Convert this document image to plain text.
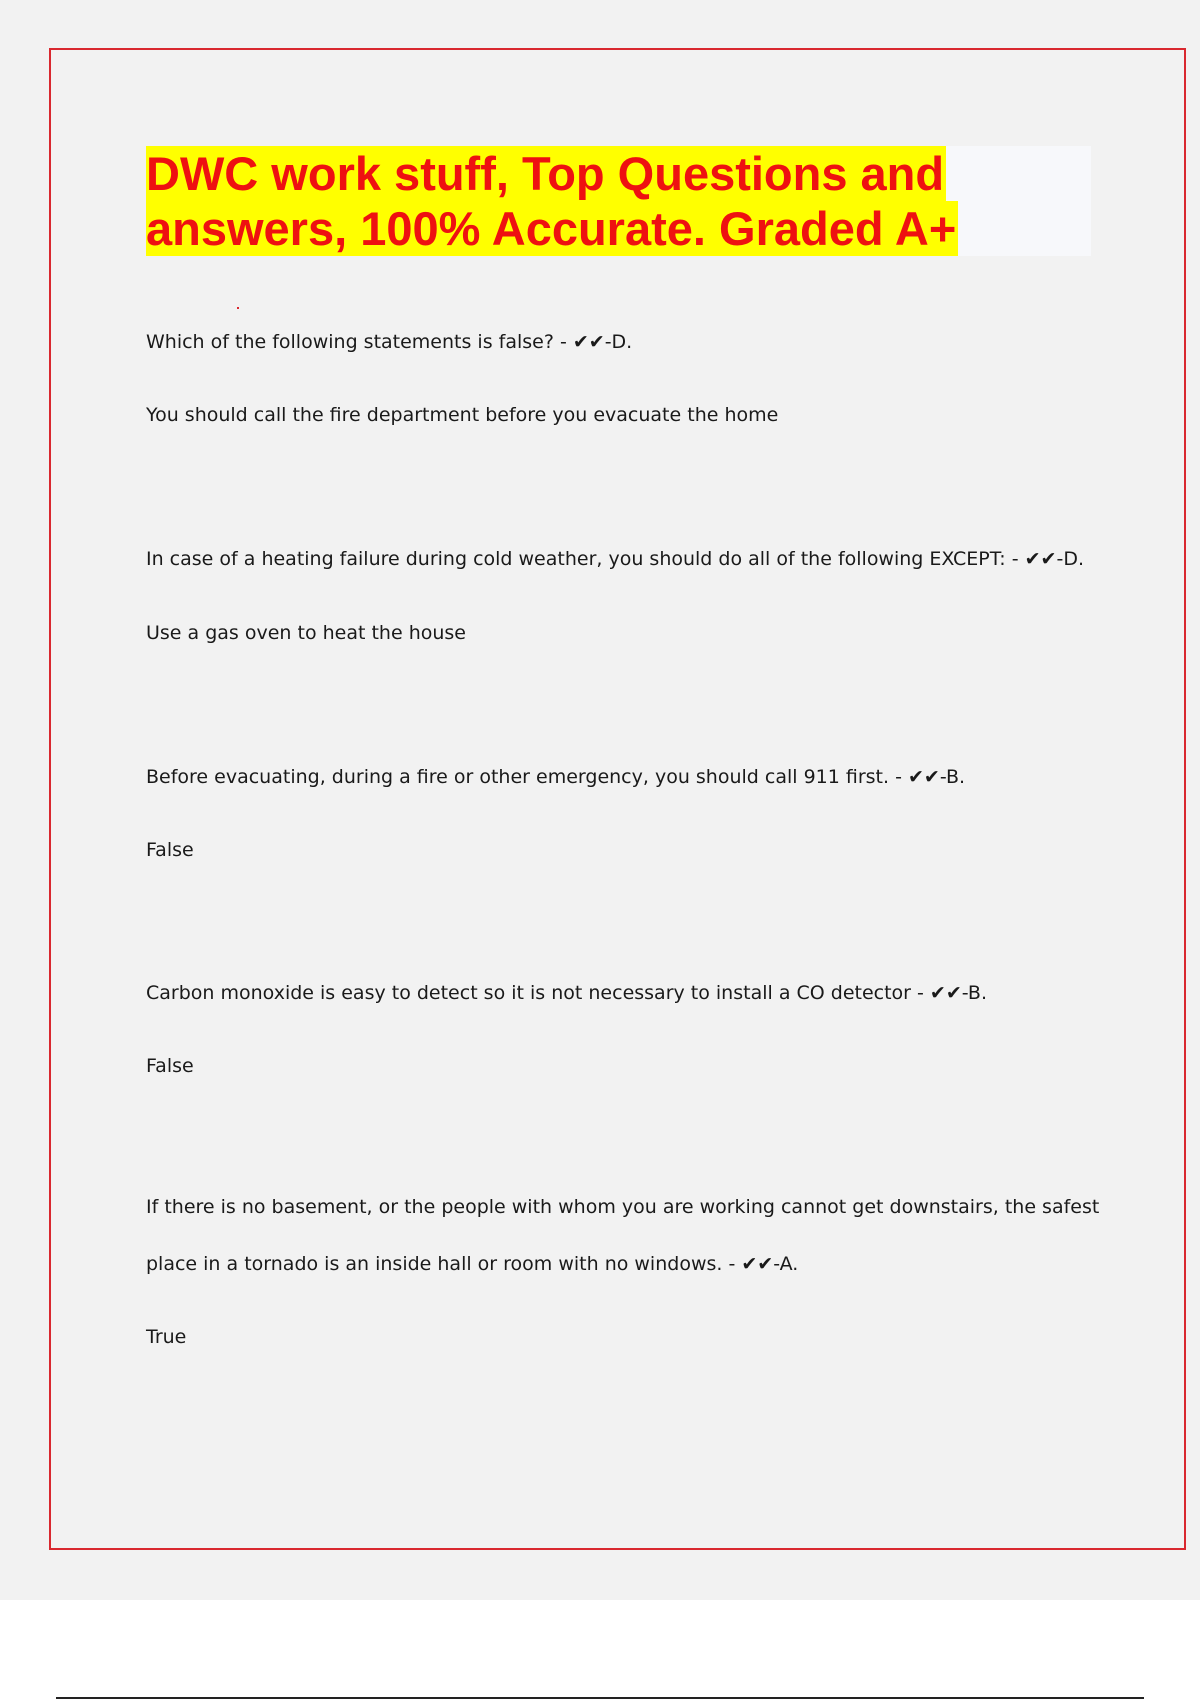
DWC work stuff, Top Questions and
answers, 100% Accurate. Graded A+

Which of the following statements is false? - ✔✔-D.

You should call the fire department before you evacuate the home

In case of a heating failure during cold weather, you should do all of the following EXCEPT: - ✔✔-D.

Use a gas oven to heat the house

Before evacuating, during a fire or other emergency, you should call 911 first. - ✔✔-B.

False

Carbon monoxide is easy to detect so it is not necessary to install a CO detector - ✔✔-B.

False

If there is no basement, or the people with whom you are working cannot get downstairs, the safest

place in a tornado is an inside hall or room with no windows. - ✔✔-A.

True
